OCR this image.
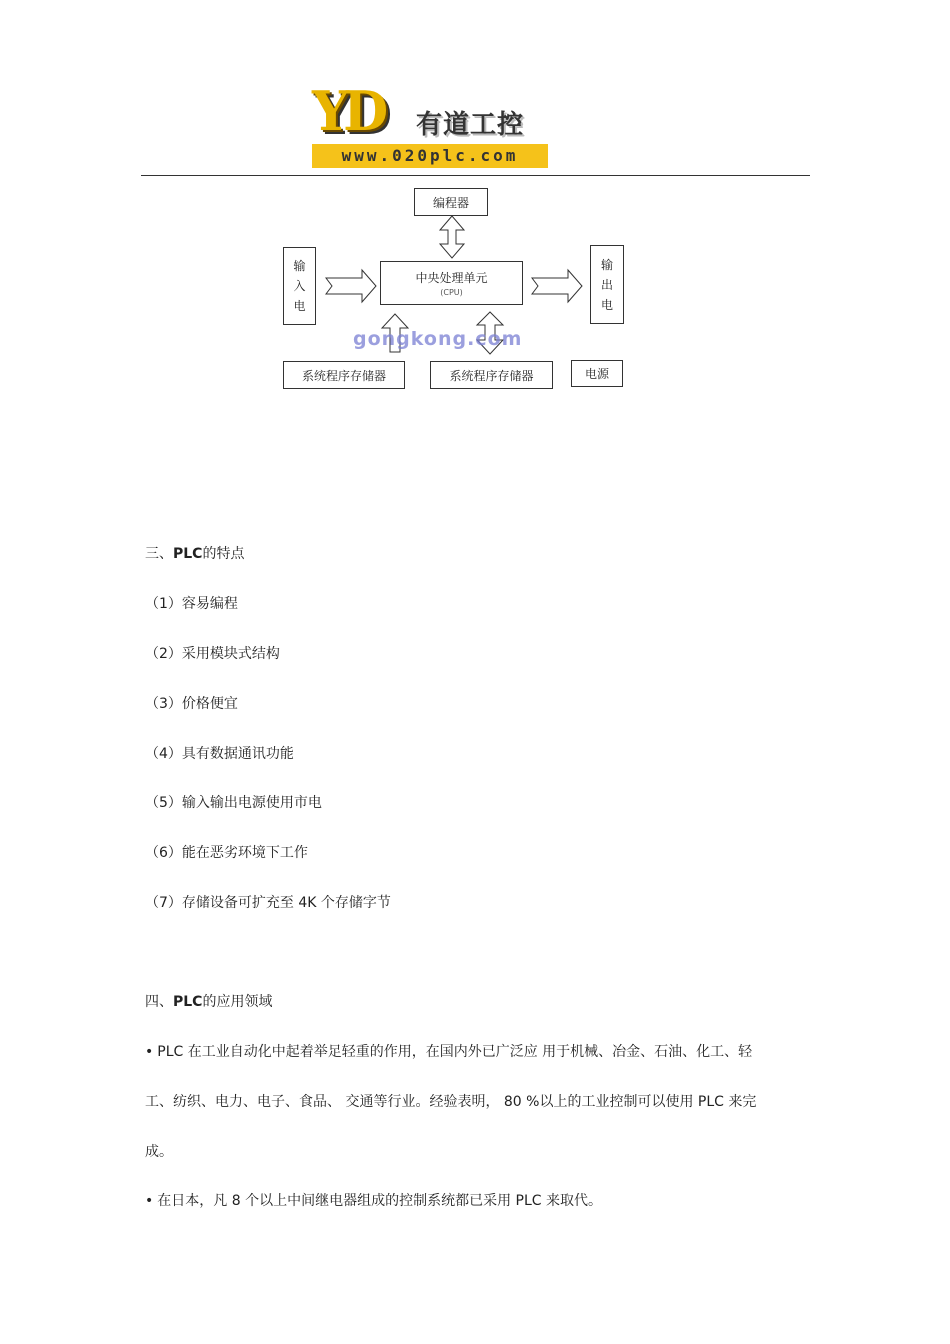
YD 有道工控
www.020plc.com
编程器
输
入
电
中央处理单元
(CPU)
输
出
电
gongkong.com
系统程序存储器	系统程序存储器	电源
三、PLC的特点
（1）容易编程
（2）采用模块式结构
（3）价格便宜
（4）具有数据通讯功能
（5）输入输出电源使用市电
（6）能在恶劣环境下工作
（7）存储设备可扩充至 4K 个存储字节
四、PLC的应用领域
• PLC 在工业自动化中起着举足轻重的作用，在国内外已广泛应 用于机械、冶金、石油、化工、轻
工、纺织、电力、电子、食品、 交通等行业。经验表明， 80 %以上的工业控制可以使用 PLC 来完
成。
• 在日本，凡 8 个以上中间继电器组成的控制系统都已采用 PLC 来取代。
